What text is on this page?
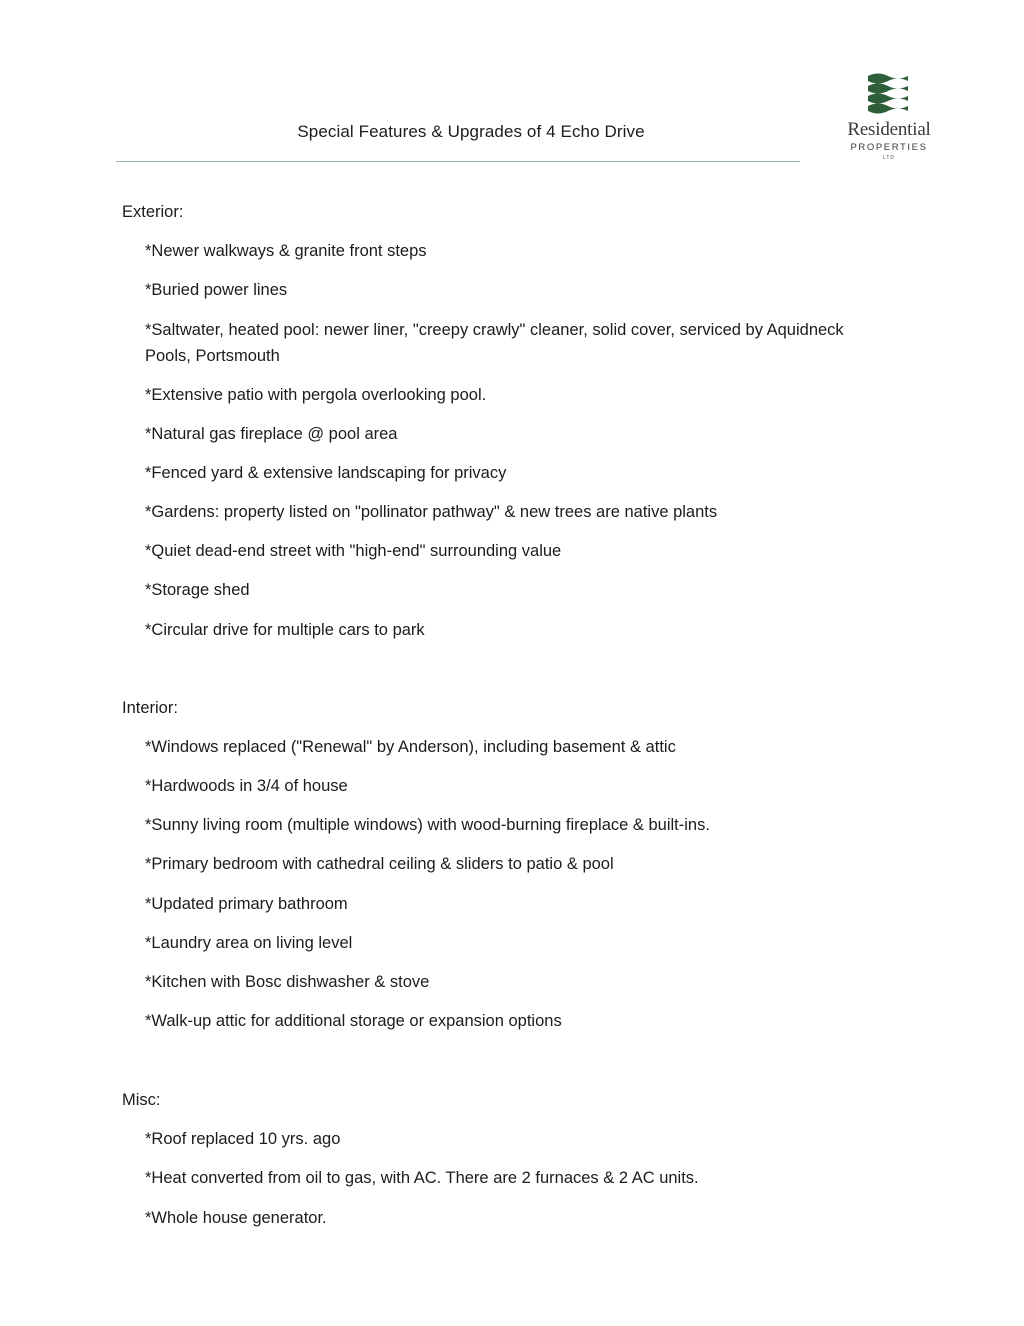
Special Features & Upgrades of 4 Echo Drive	Residential
PROPERTIES
LTD
Exterior:
*Newer walkways & granite front steps
*Buried power lines
*Saltwater, heated pool: newer liner, "creepy crawly" cleaner, solid cover, serviced by Aquidneck Pools, Portsmouth
*Extensive patio with pergola overlooking pool.
*Natural gas fireplace @ pool area
*Fenced yard & extensive landscaping for privacy
*Gardens: property listed on "pollinator pathway" & new trees are native plants
*Quiet dead-end street with "high-end" surrounding value
*Storage shed
*Circular drive for multiple cars to park
Interior:
*Windows replaced ("Renewal" by Anderson), including basement & attic
*Hardwoods in 3/4 of house
*Sunny living room (multiple windows) with wood-burning fireplace & built-ins.
*Primary bedroom with cathedral ceiling & sliders to patio & pool
*Updated primary bathroom
*Laundry area on living level
*Kitchen with Bosc dishwasher & stove
*Walk-up attic for additional storage or expansion options
Misc:
*Roof replaced 10 yrs. ago
*Heat converted from oil to gas, with AC. There are 2 furnaces & 2 AC units.
*Whole house generator.
